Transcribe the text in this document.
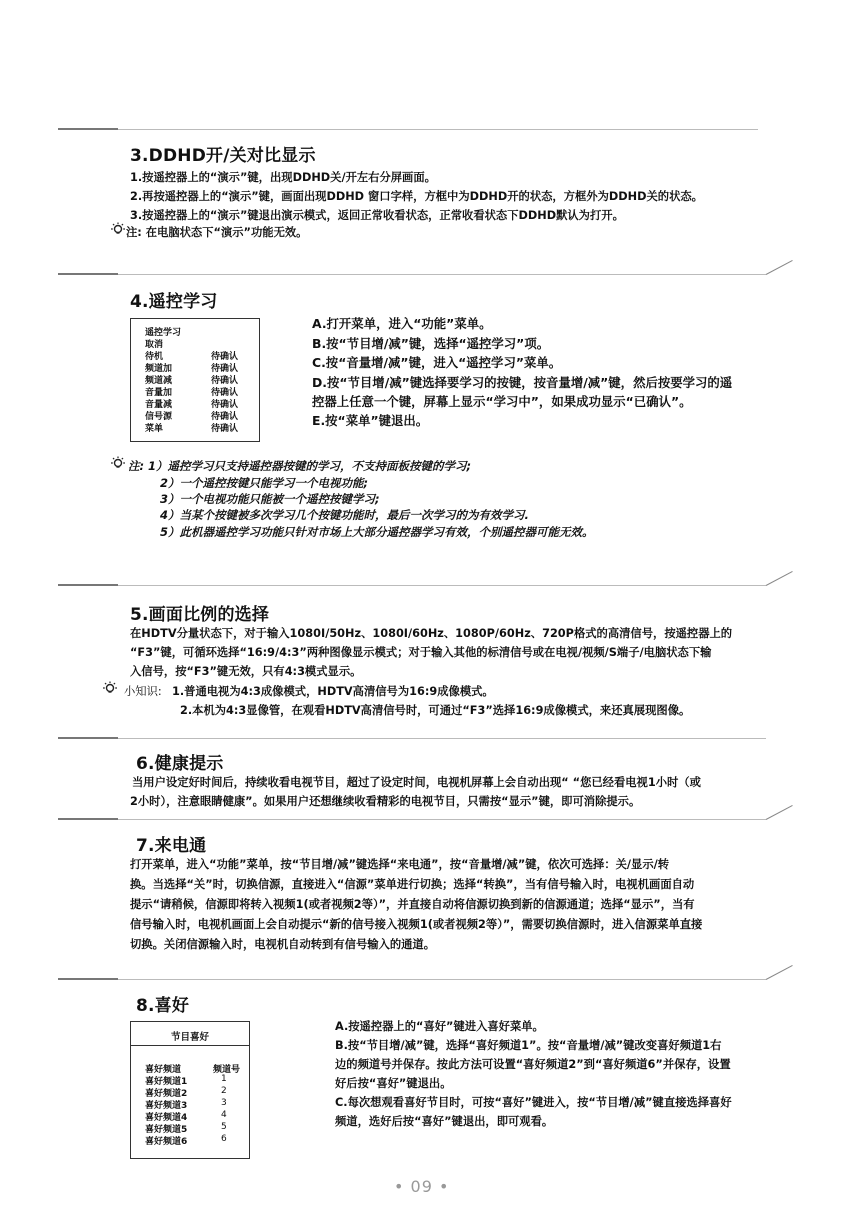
3.DDHD开/关对比显示
1.按遥控器上的“演示”键，出现DDHD关/开左右分屏画面。
2.再按遥控器上的“演示”键，画面出现DDHD 窗口字样，方框中为DDHD开的状态，方框外为DDHD关的状态。
3.按遥控器上的“演示”键退出演示模式，返回正常收看状态，正常收看状态下DDHD默认为打开。
注: 在电脑状态下“演示”功能无效。
4.遥控学习
遥控学习
取消
待机	待确认
频道加	待确认
频道减	待确认
音量加	待确认
音量减	待确认
信号源	待确认
菜单	待确认
A.打开菜单，进入“功能”菜单。
B.按“节目增/减”键，选择“遥控学习”项。
C.按“音量增/减”键，进入“遥控学习”菜单。
D.按“节目增/减”键选择要学习的按键，按音量增/减”键，然后按要学习的遥
控器上任意一个键，屏幕上显示“学习中”，如果成功显示“已确认”。
E.按“菜单”键退出。
注: 1）遥控学习只支持遥控器按键的学习，不支持面板按键的学习;
2）一个遥控按键只能学习一个电视功能;
3）一个电视功能只能被一个遥控按键学习;
4）当某个按键被多次学习几个按键功能时，最后一次学习的为有效学习.
5）此机器遥控学习功能只针对市场上大部分遥控器学习有效，个别遥控器可能无效。
5.画面比例的选择
在HDTV分量状态下，对于输入1080I/50Hz、1080I/60Hz、1080P/60Hz、720P格式的高清信号，按遥控器上的
“F3”键，可循环选择“16:9/4:3”两种图像显示模式；对于输入其他的标清信号或在电视/视频/S端子/电脑状态下输
入信号，按“F3”键无效，只有4:3模式显示。
小知识: 1.普通电视为4:3成像模式，HDTV高清信号为16:9成像模式。
2.本机为4:3显像管，在观看HDTV高清信号时，可通过“F3”选择16:9成像模式，来还真展现图像。
6.健康提示
当用户设定好时间后，持续收看电视节目，超过了设定时间，电视机屏幕上会自动出现“ “您已经看电视1小时（或
2小时），注意眼睛健康”。如果用户还想继续收看精彩的电视节目，只需按“显示”键，即可消除提示。
7.来电通
打开菜单，进入“功能”菜单，按“节目增/减”键选择“来电通”，按“音量增/减”键，依次可选择：关/显示/转
换。当选择“关”时，切换信源，直接进入“信源”菜单进行切换；选择“转换”，当有信号输入时，电视机画面自动
提示“请稍候，信源即将转入视频1(或者视频2等）”，并直接自动将信源切换到新的信源通道；选择“显示”，当有
信号输入时，电视机画面上会自动提示“新的信号接入视频1(或者视频2等）”，需要切换信源时，进入信源菜单直接
切换。关闭信源输入时，电视机自动转到有信号输入的通道。
8.喜好
节目喜好
喜好频道	频道号
喜好频道1	1
喜好频道2	2
喜好频道3	3
喜好频道4	4
喜好频道5	5
喜好频道6	6
A.按遥控器上的“喜好”键进入喜好菜单。
B.按“节目增/减”键，选择“喜好频道1”。按“音量增/减”键改变喜好频道1右
边的频道号并保存。按此方法可设置“喜好频道2”到“喜好频道6”并保存，设置
好后按“喜好”键退出。
C.每次想观看喜好节目时，可按“喜好”键进入，按“节目增/减”键直接选择喜好
频道，选好后按“喜好”键退出，即可观看。
• 09 •
